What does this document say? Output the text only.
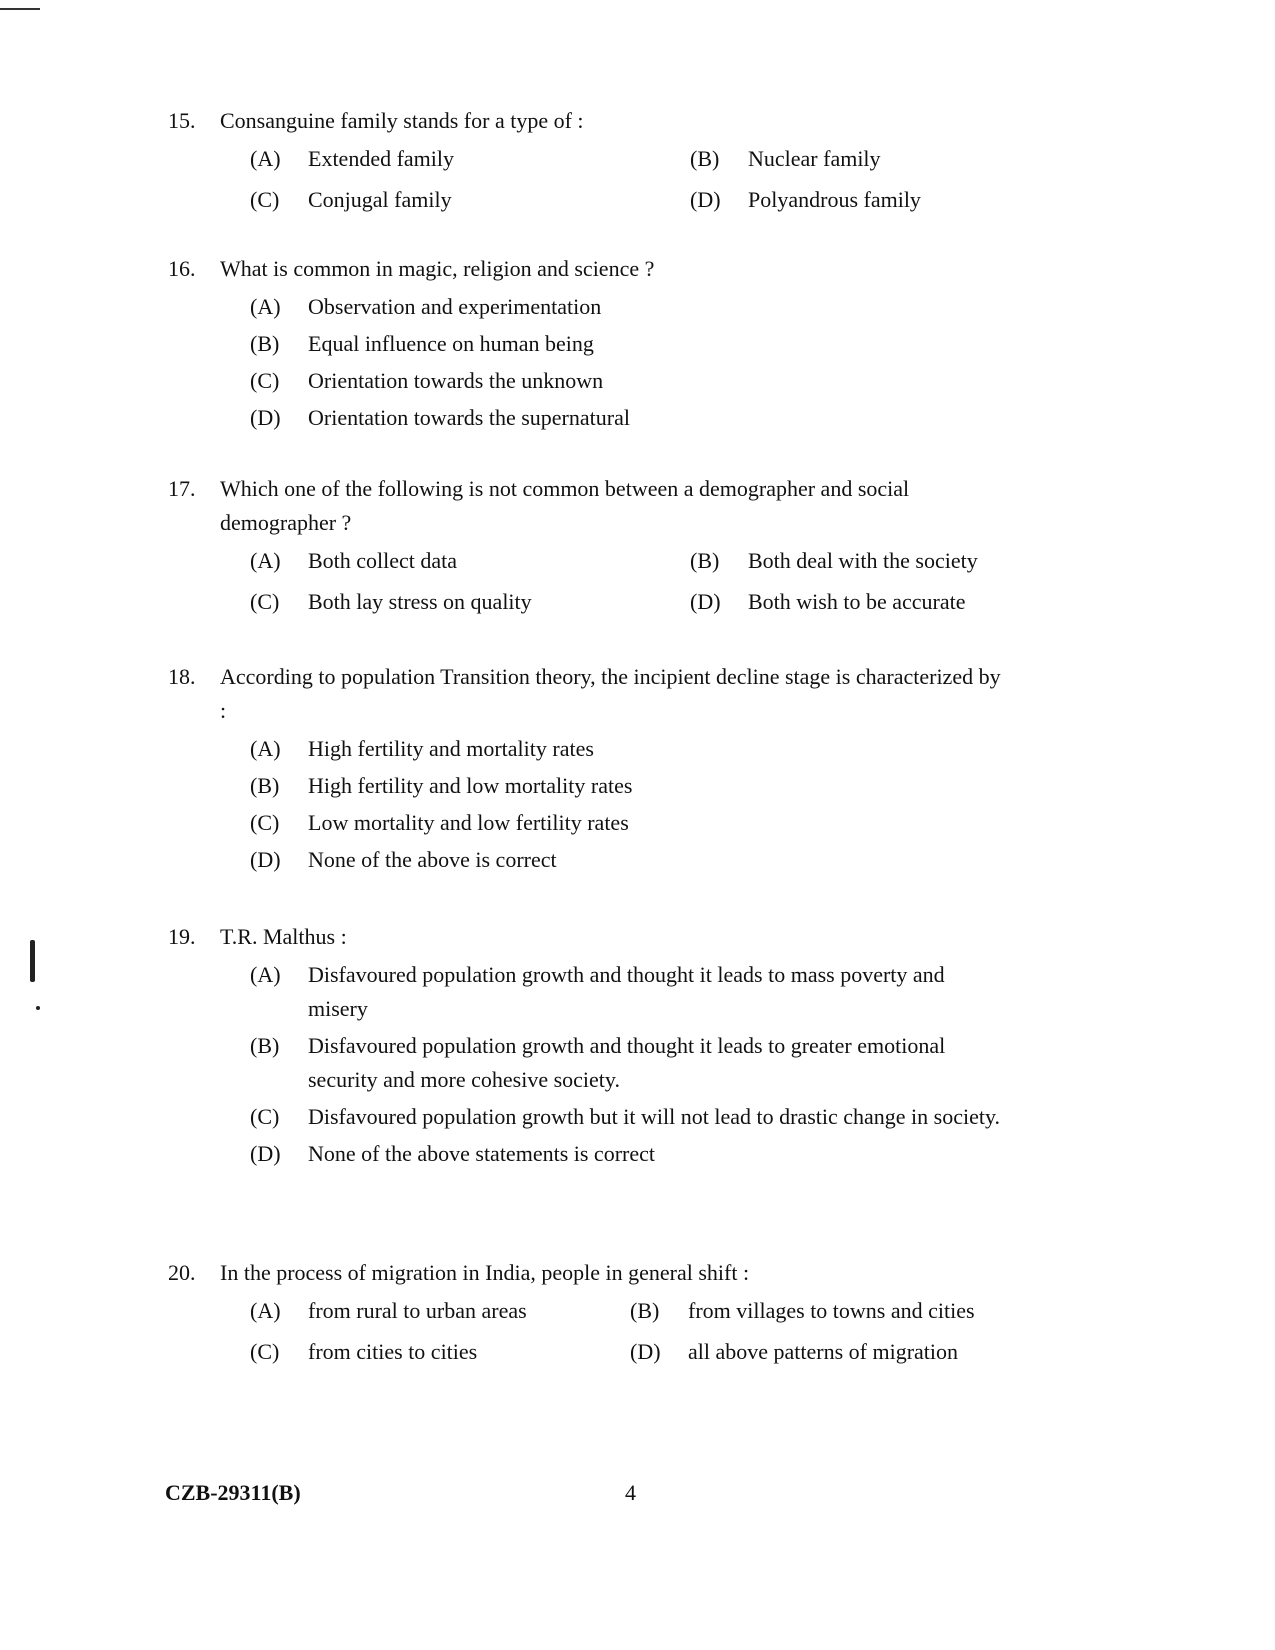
15.	Consanguine family stands for a type of :
(A)	Extended family	(B)	Nuclear family
(C)	Conjugal family	(D)	Polyandrous family
16.	What is common in magic, religion and science ?
(A)	Observation and experimentation
(B)	Equal influence on human being
(C)	Orientation towards the unknown
(D)	Orientation towards the supernatural
17.	Which one of the following is not common between a demographer and social demographer ?
(A)	Both collect data	(B)	Both deal with the society
(C)	Both lay stress on quality	(D)	Both wish to be accurate
18.	According to population Transition theory, the incipient decline stage is characterized by :
(A)	High fertility and mortality rates
(B)	High fertility and low mortality rates
(C)	Low mortality and low fertility rates
(D)	None of the above is correct
19.	T.R. Malthus :
(A)	Disfavoured population growth and thought it leads to mass poverty and misery
(B)	Disfavoured population growth and thought it leads to greater emotional security and more cohesive society.
(C)	Disfavoured population growth but it will not lead to drastic change in society.
(D)	None of the above statements is correct
20.	In the process of migration in India, people in general shift :
(A)	from rural to urban areas	(B)	from villages to towns and cities
(C)	from cities to cities	(D)	all above patterns of migration
CZB-29311(B)	4
